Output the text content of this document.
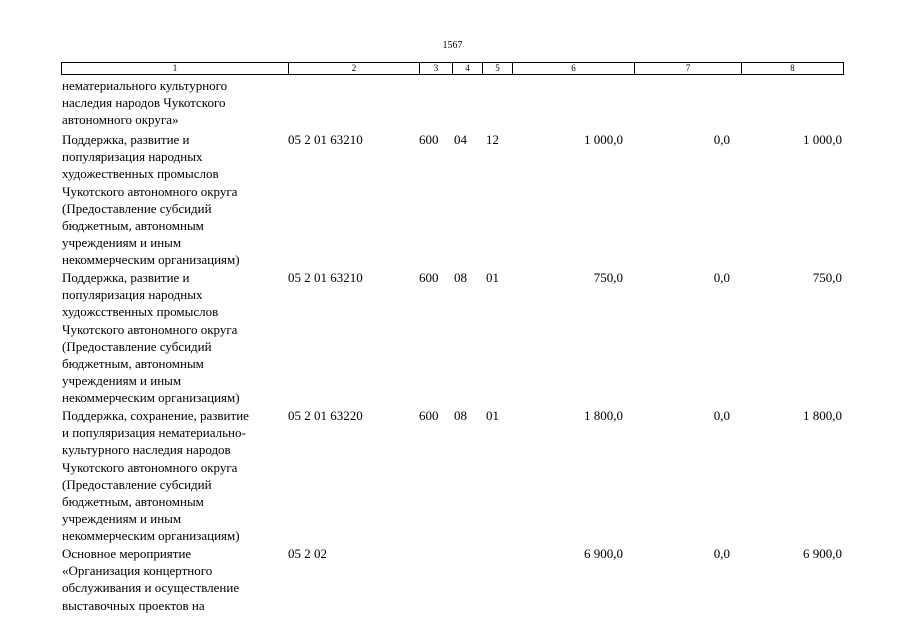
1567
1	2	3	4	5	6	7	8
нематериального культурного
наследия народов Чукотского
автономного округа»
Поддержка, развитие и
популяризация народных
художественных промыслов
Чукотского автономного округа
(Предоставление субсидий
бюджетным, автономным
учреждениям и иным
некоммерческим организациям)
05 2 01 63210	600 04 12	1 000,0	0,0	1 000,0
Поддержка, развитие и
популяризация народных
художсственных промыслов
Чукотского автономного округа
(Предоставление субсидий
бюджетным, автономным
учреждениям и иным
некоммерческим организациям)
05 2 01 63210	600 08 01	750,0	0,0	750,0
Поддержка, сохранение, развитие
и популяризация нематериально-
культурного наследия народов
Чукотского автономного округа
(Предоставление субсидий
бюджетным, автономным
учреждениям и иным
некоммерческим организациям)
05 2 01 63220	600 08 01	1 800,0	0,0	1 800,0
Основное мероприятие
«Организация концертного
обслуживания и осуществление
выставочных проектов на
05 2 02	6 900,0	0,0	6 900,0
